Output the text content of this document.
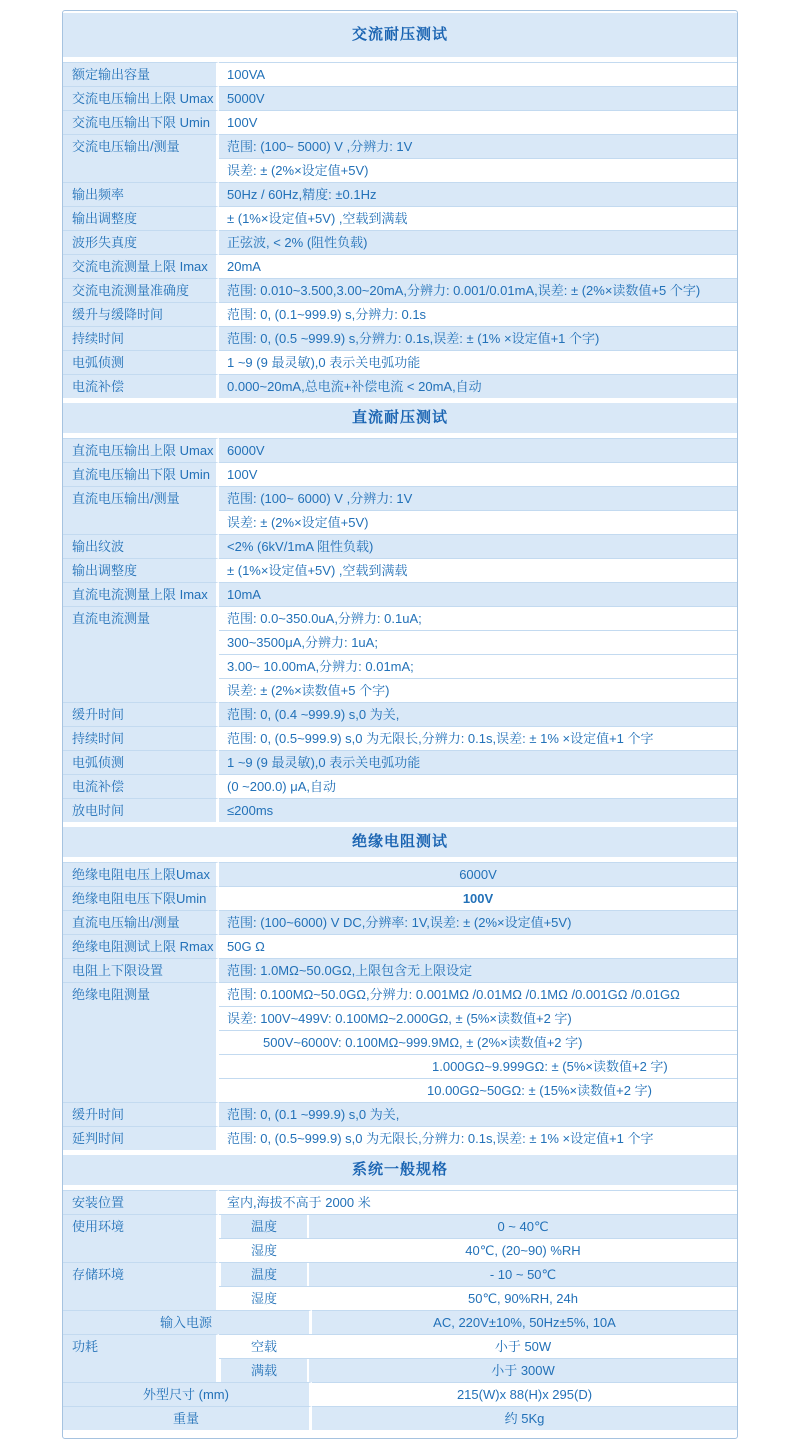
交流耐压测试
额定输出容量	100VA
交流电压输出上限 Umax	5000V
交流电压输出下限 Umin	100V
交流电压输出/测量	范围: (100~ 5000) V ,分辨力: 1V
误差: ± (2%×设定值+5V)
输出频率	50Hz / 60Hz,精度: ±0.1Hz
输出调整度	± (1%×设定值+5V) ,空载到满载
波形失真度	正弦波, < 2% (阻性负载)
交流电流测量上限 Imax	20mA
交流电流测量准确度	范围: 0.010~3.500,3.00~20mA,分辨力: 0.001/0.01mA,误差: ± (2%×读数值+5 个字)
缓升与缓降时间	范围: 0, (0.1~999.9) s,分辨力: 0.1s
持续时间	范围: 0, (0.5 ~999.9) s,分辨力: 0.1s,误差: ± (1% ×设定值+1 个字)
电弧侦测	1 ~9 (9 最灵敏),0 表示关电弧功能
电流补偿	0.000~20mA,总电流+补偿电流 < 20mA,自动
直流耐压测试
直流电压输出上限 Umax	6000V
直流电压输出下限 Umin	100V
直流电压输出/测量	范围: (100~ 6000) V ,分辨力: 1V
误差: ± (2%×设定值+5V)
输出纹波	<2% (6kV/1mA 阻性负载)
输出调整度	± (1%×设定值+5V) ,空载到满载
直流电流测量上限 Imax	10mA
直流电流测量	范围: 0.0~350.0uA,分辨力: 0.1uA;
300~3500μA,分辨力: 1uA;
3.00~ 10.00mA,分辨力: 0.01mA;
误差: ± (2%×读数值+5 个字)
缓升时间	范围: 0, (0.4 ~999.9) s,0 为关,
持续时间	范围: 0, (0.5~999.9) s,0 为无限长,分辨力: 0.1s,误差: ± 1% ×设定值+1 个字
电弧侦测	1 ~9 (9 最灵敏),0 表示关电弧功能
电流补偿	(0 ~200.0) μA,自动
放电时间	≤200ms
绝缘电阻测试
绝缘电阻电压上限Umax	6000V
绝缘电阻电压下限Umin	100V
直流电压输出/测量	范围: (100~6000) V DC,分辨率: 1V,误差: ± (2%×设定值+5V)
绝缘电阻测试上限 Rmax	50G Ω
电阻上下限设置	范围: 1.0MΩ~50.0GΩ,上限包含无上限设定
绝缘电阻测量	范围: 0.100MΩ~50.0GΩ,分辨力: 0.001MΩ /0.01MΩ /0.1MΩ /0.001GΩ /0.01GΩ
误差: 100V~499V: 0.100MΩ~2.000GΩ, ± (5%×读数值+2 字)
500V~6000V: 0.100MΩ~999.9MΩ, ± (2%×读数值+2 字)
1.000GΩ~9.999GΩ: ± (5%×读数值+2 字)
10.00GΩ~50GΩ: ± (15%×读数值+2 字)
缓升时间	范围: 0, (0.1 ~999.9) s,0 为关,
延判时间	范围: 0, (0.5~999.9) s,0 为无限长,分辨力: 0.1s,误差: ± 1% ×设定值+1 个字
系统一般规格
安装位置	室内,海拔不高于 2000 米
使用环境	温度	0 ~ 40℃
湿度	40℃, (20~90) %RH
存储环境	温度	- 10 ~ 50℃
湿度	50℃, 90%RH, 24h
输入电源	AC, 220V±10%, 50Hz±5%, 10A
功耗	空载	小于 50W
满载	小于 300W
外型尺寸 (mm)	215(W)x 88(H)x 295(D)
重量	约 5Kg
